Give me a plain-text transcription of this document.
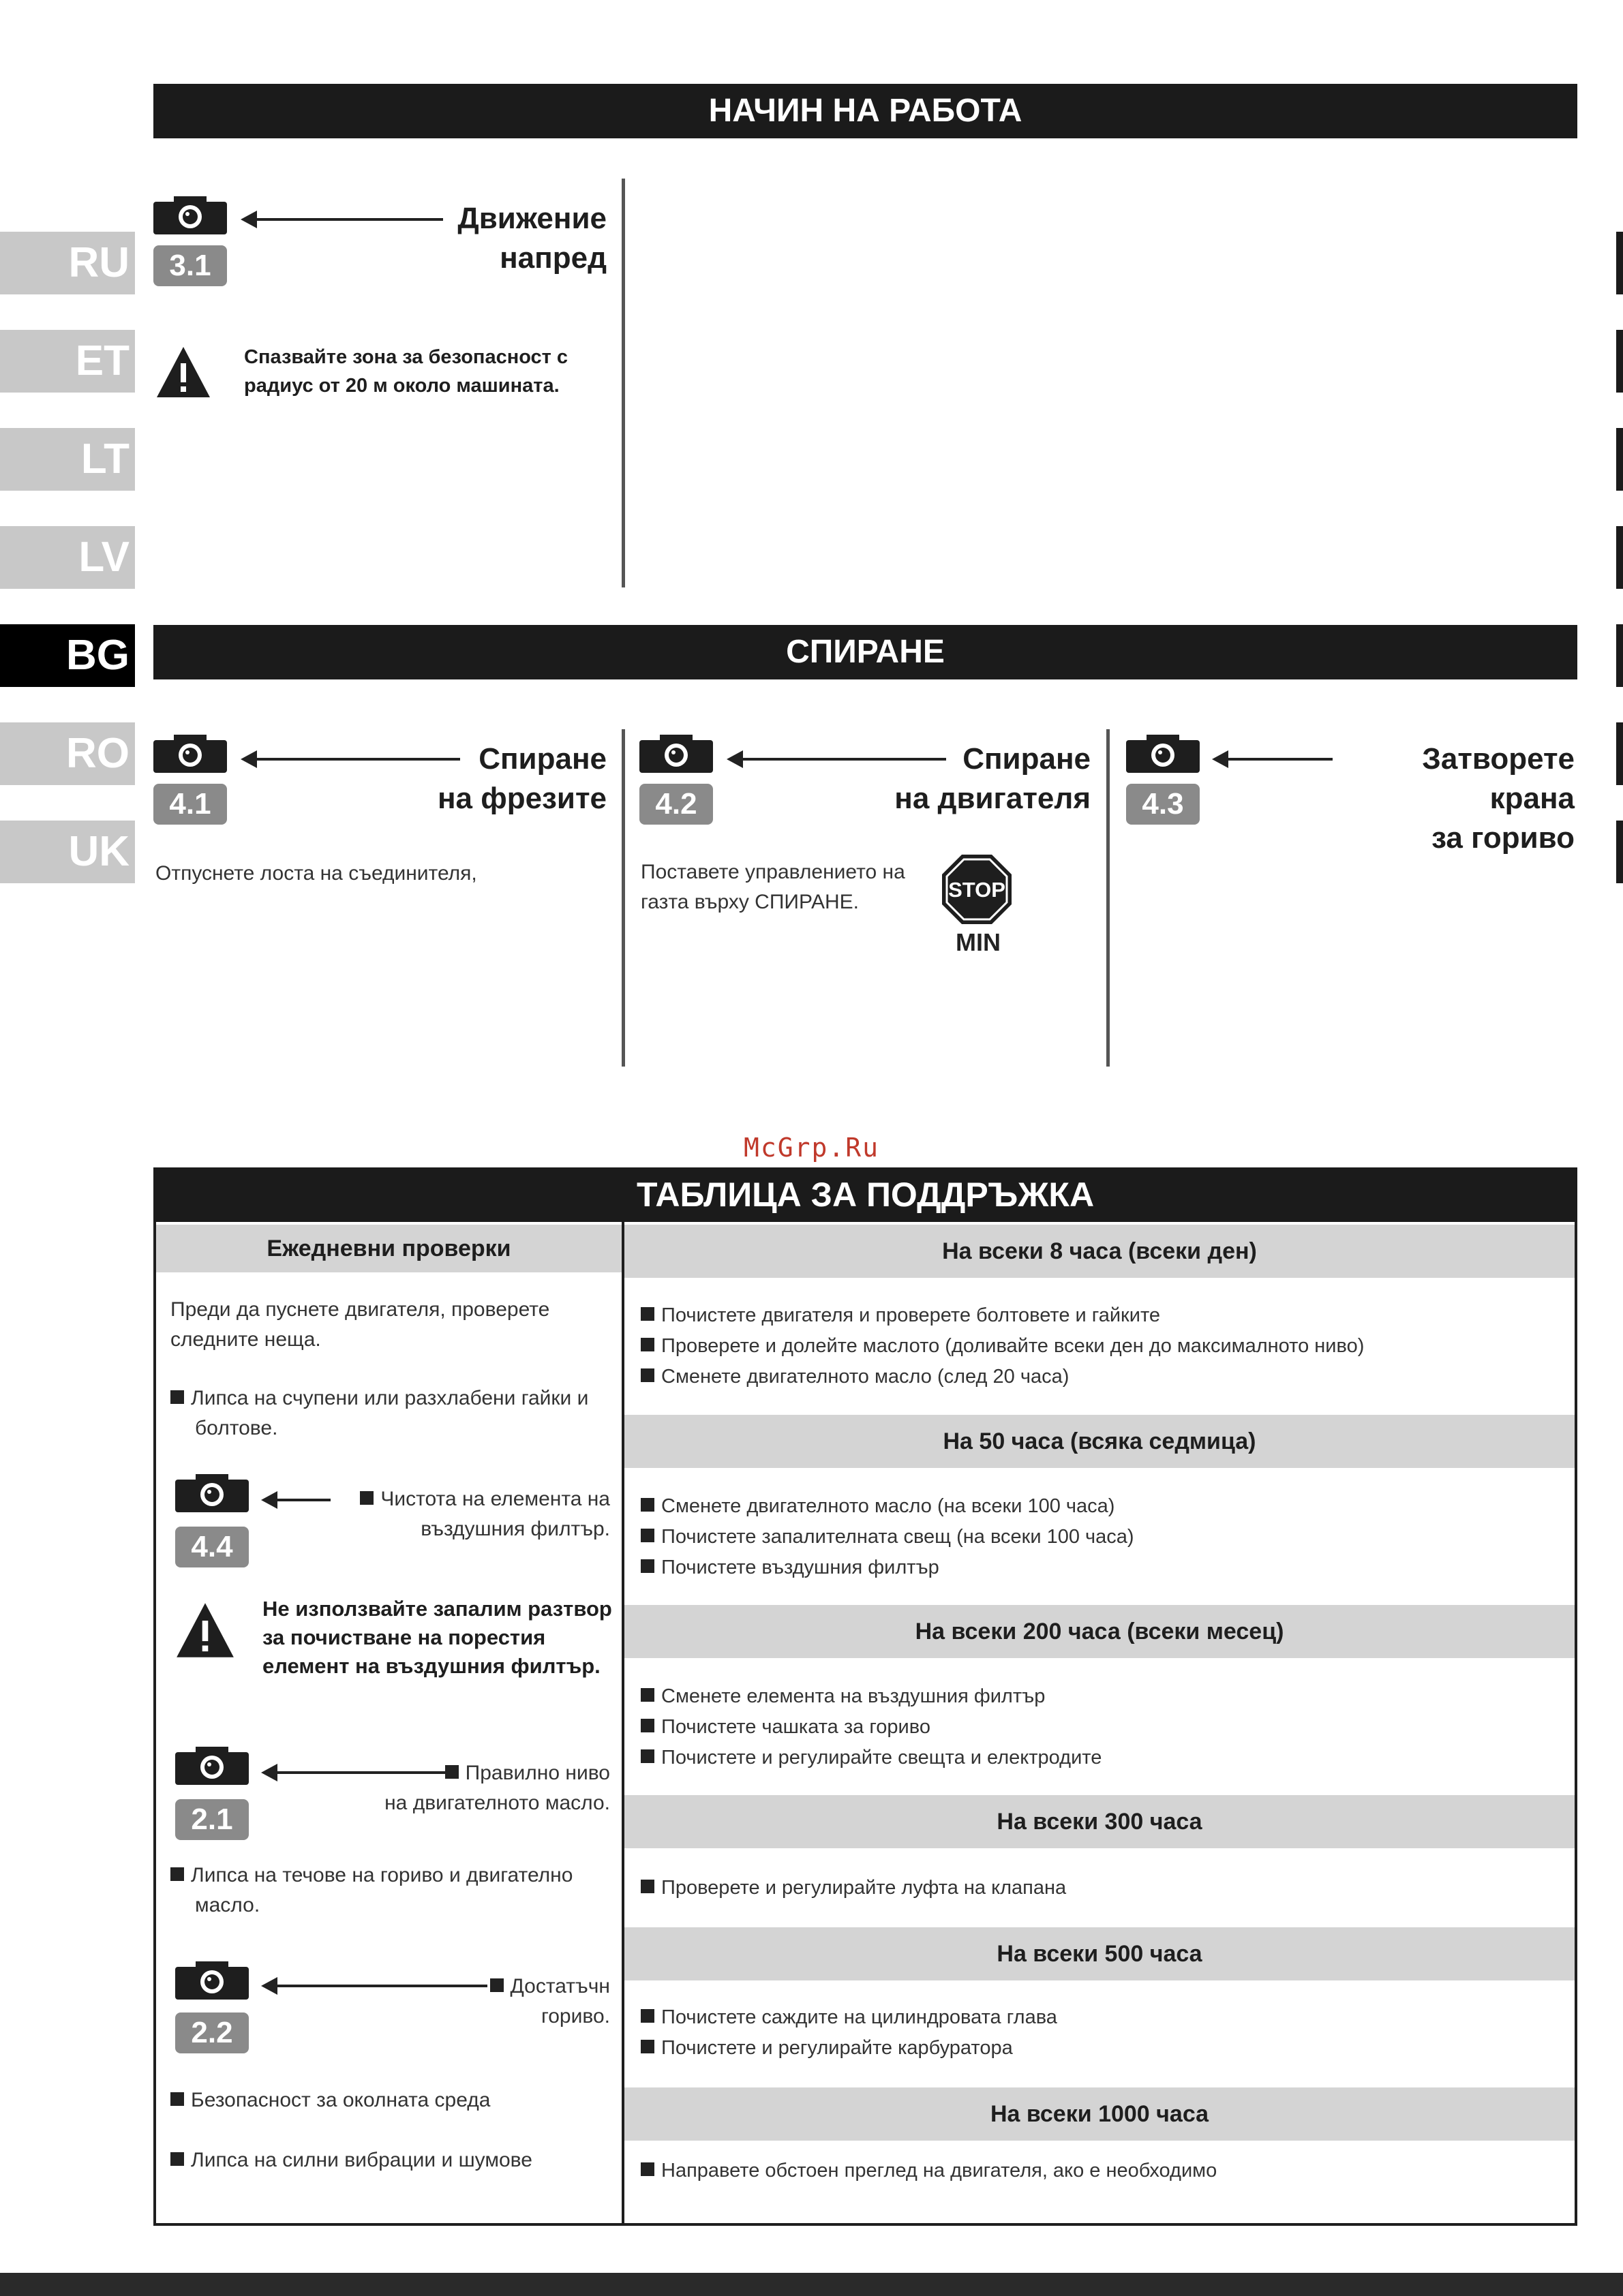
НАЧИН НА РАБОТА
СПИРАНЕ
RU
ET
LT
LV
BG
RO
UK
3.1
Движение
напред
Спазвайте зона за безопасност с
радиус от 20 м около машината.
4.1
Спиране
на фрезите
Отпуснете лоста на съединителя,
4.2
Спиране
на двигателя
Поставете управлението на
газта върху СПИРАНЕ.
STOP
MIN
4.3
Затворете крана
за гориво
McGrp.Ru
ТАБЛИЦА ЗА ПОДДРЪЖКА
Ежедневни проверки
Преди да пуснете двигателя, проверете
следните неща.
Липса на счупени или разхлабени гайки и
болтове.
4.4
Чистота на елемента на
въздушния филтър.
Не използвайте запалим разтвор
за почистване на порестия
елемент на въздушния филтър.
2.1
Правилно ниво
на двигателното масло.
Липса на течове на гориво и двигателно
масло.
2.2
Достатъчн
гориво.
Безопасност за околната среда
Липса на силни вибрации и шумове
На всеки 8 часа (всеки ден)
На 50 часа (всяка седмица)
На всеки 200 часа (всеки месец)
На всеки 300 часа
На всеки 500 часа
На всеки 1000 часа
Почистете двигателя и проверете болтовете и гайките
Проверете и долейте маслото (доливайте всеки ден до максималното ниво)
Сменете двигателното масло (след 20 часа)
Сменете двигателното масло (на всеки 100 часа)
Почистете запалителната свещ (на всеки 100 часа)
Почистете въздушния филтър
Сменете елемента на въздушния филтър
Почистете чашката за гориво
Почистете и регулирайте свещта и електродите
Проверете и регулирайте луфта на клапана
Почистете саждите на цилиндровата глава
Почистете и регулирайте карбуратора
Направете обстоен преглед на двигателя, ако е необходимо
